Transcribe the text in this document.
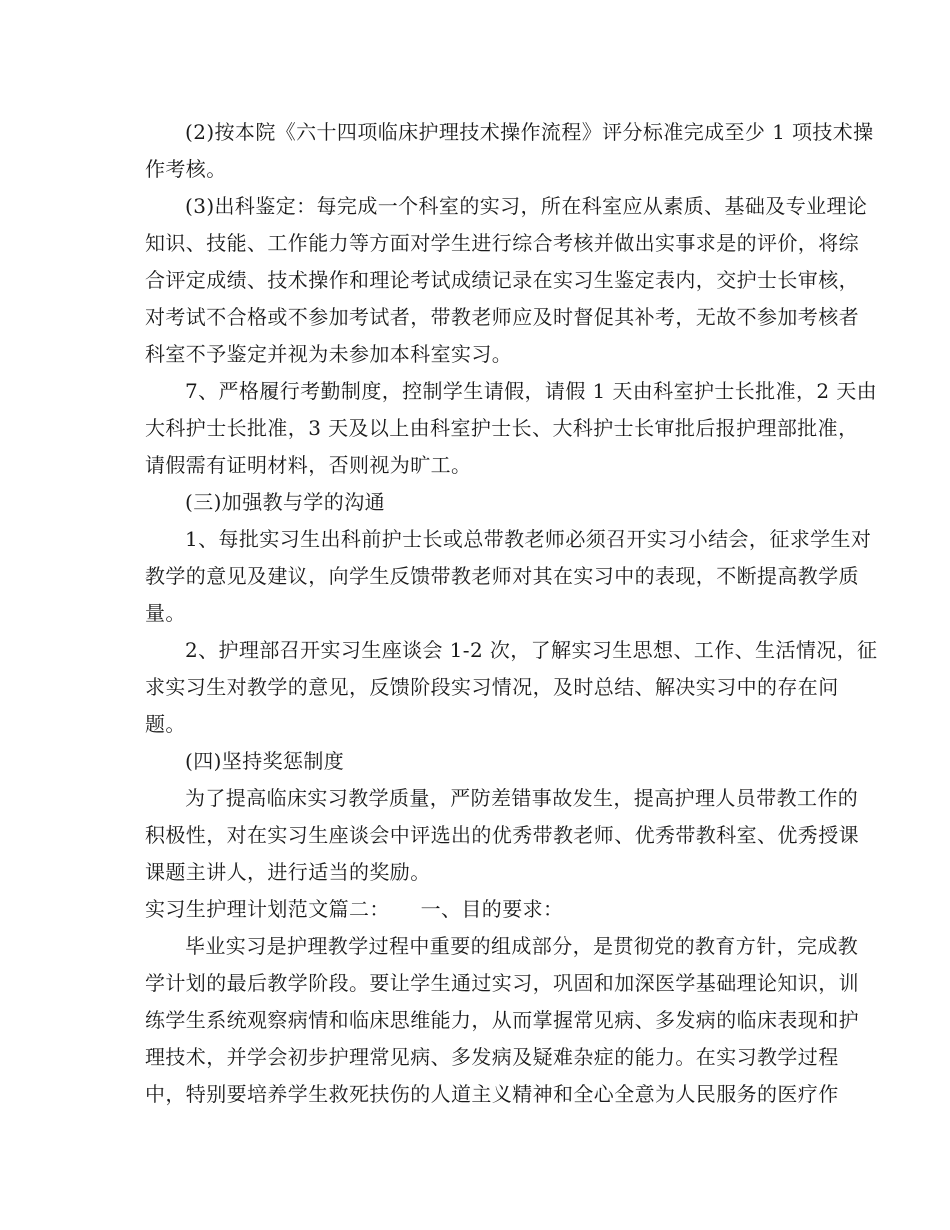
(2)按本院《六十四项临床护理技术操作流程》评分标准完成至少 1 项技术操
作考核。
(3)出科鉴定：每完成一个科室的实习，所在科室应从素质、基础及专业理论
知识、技能、工作能力等方面对学生进行综合考核并做出实事求是的评价，将综
合评定成绩、技术操作和理论考试成绩记录在实习生鉴定表内，交护士长审核，
对考试不合格或不参加考试者，带教老师应及时督促其补考，无故不参加考核者
科室不予鉴定并视为未参加本科室实习。
7、严格履行考勤制度，控制学生请假，请假 1 天由科室护士长批准，2 天由
大科护士长批准，3 天及以上由科室护士长、大科护士长审批后报护理部批准，
请假需有证明材料，否则视为旷工。
(三)加强教与学的沟通
1、每批实习生出科前护士长或总带教老师必须召开实习小结会，征求学生对
教学的意见及建议，向学生反馈带教老师对其在实习中的表现，不断提高教学质
量。
2、护理部召开实习生座谈会 1-2 次，了解实习生思想、工作、生活情况，征
求实习生对教学的意见，反馈阶段实习情况，及时总结、解决实习中的存在问
题。
(四)坚持奖惩制度
为了提高临床实习教学质量，严防差错事故发生，提高护理人员带教工作的
积极性，对在实习生座谈会中评选出的优秀带教老师、优秀带教科室、优秀授课
课题主讲人，进行适当的奖励。
实习生护理计划范文篇二：　　一、目的要求：
毕业实习是护理教学过程中重要的组成部分，是贯彻党的教育方针，完成教
学计划的最后教学阶段。要让学生通过实习，巩固和加深医学基础理论知识，训
练学生系统观察病情和临床思维能力，从而掌握常见病、多发病的临床表现和护
理技术，并学会初步护理常见病、多发病及疑难杂症的能力。在实习教学过程
中，特别要培养学生救死扶伤的人道主义精神和全心全意为人民服务的医疗作
